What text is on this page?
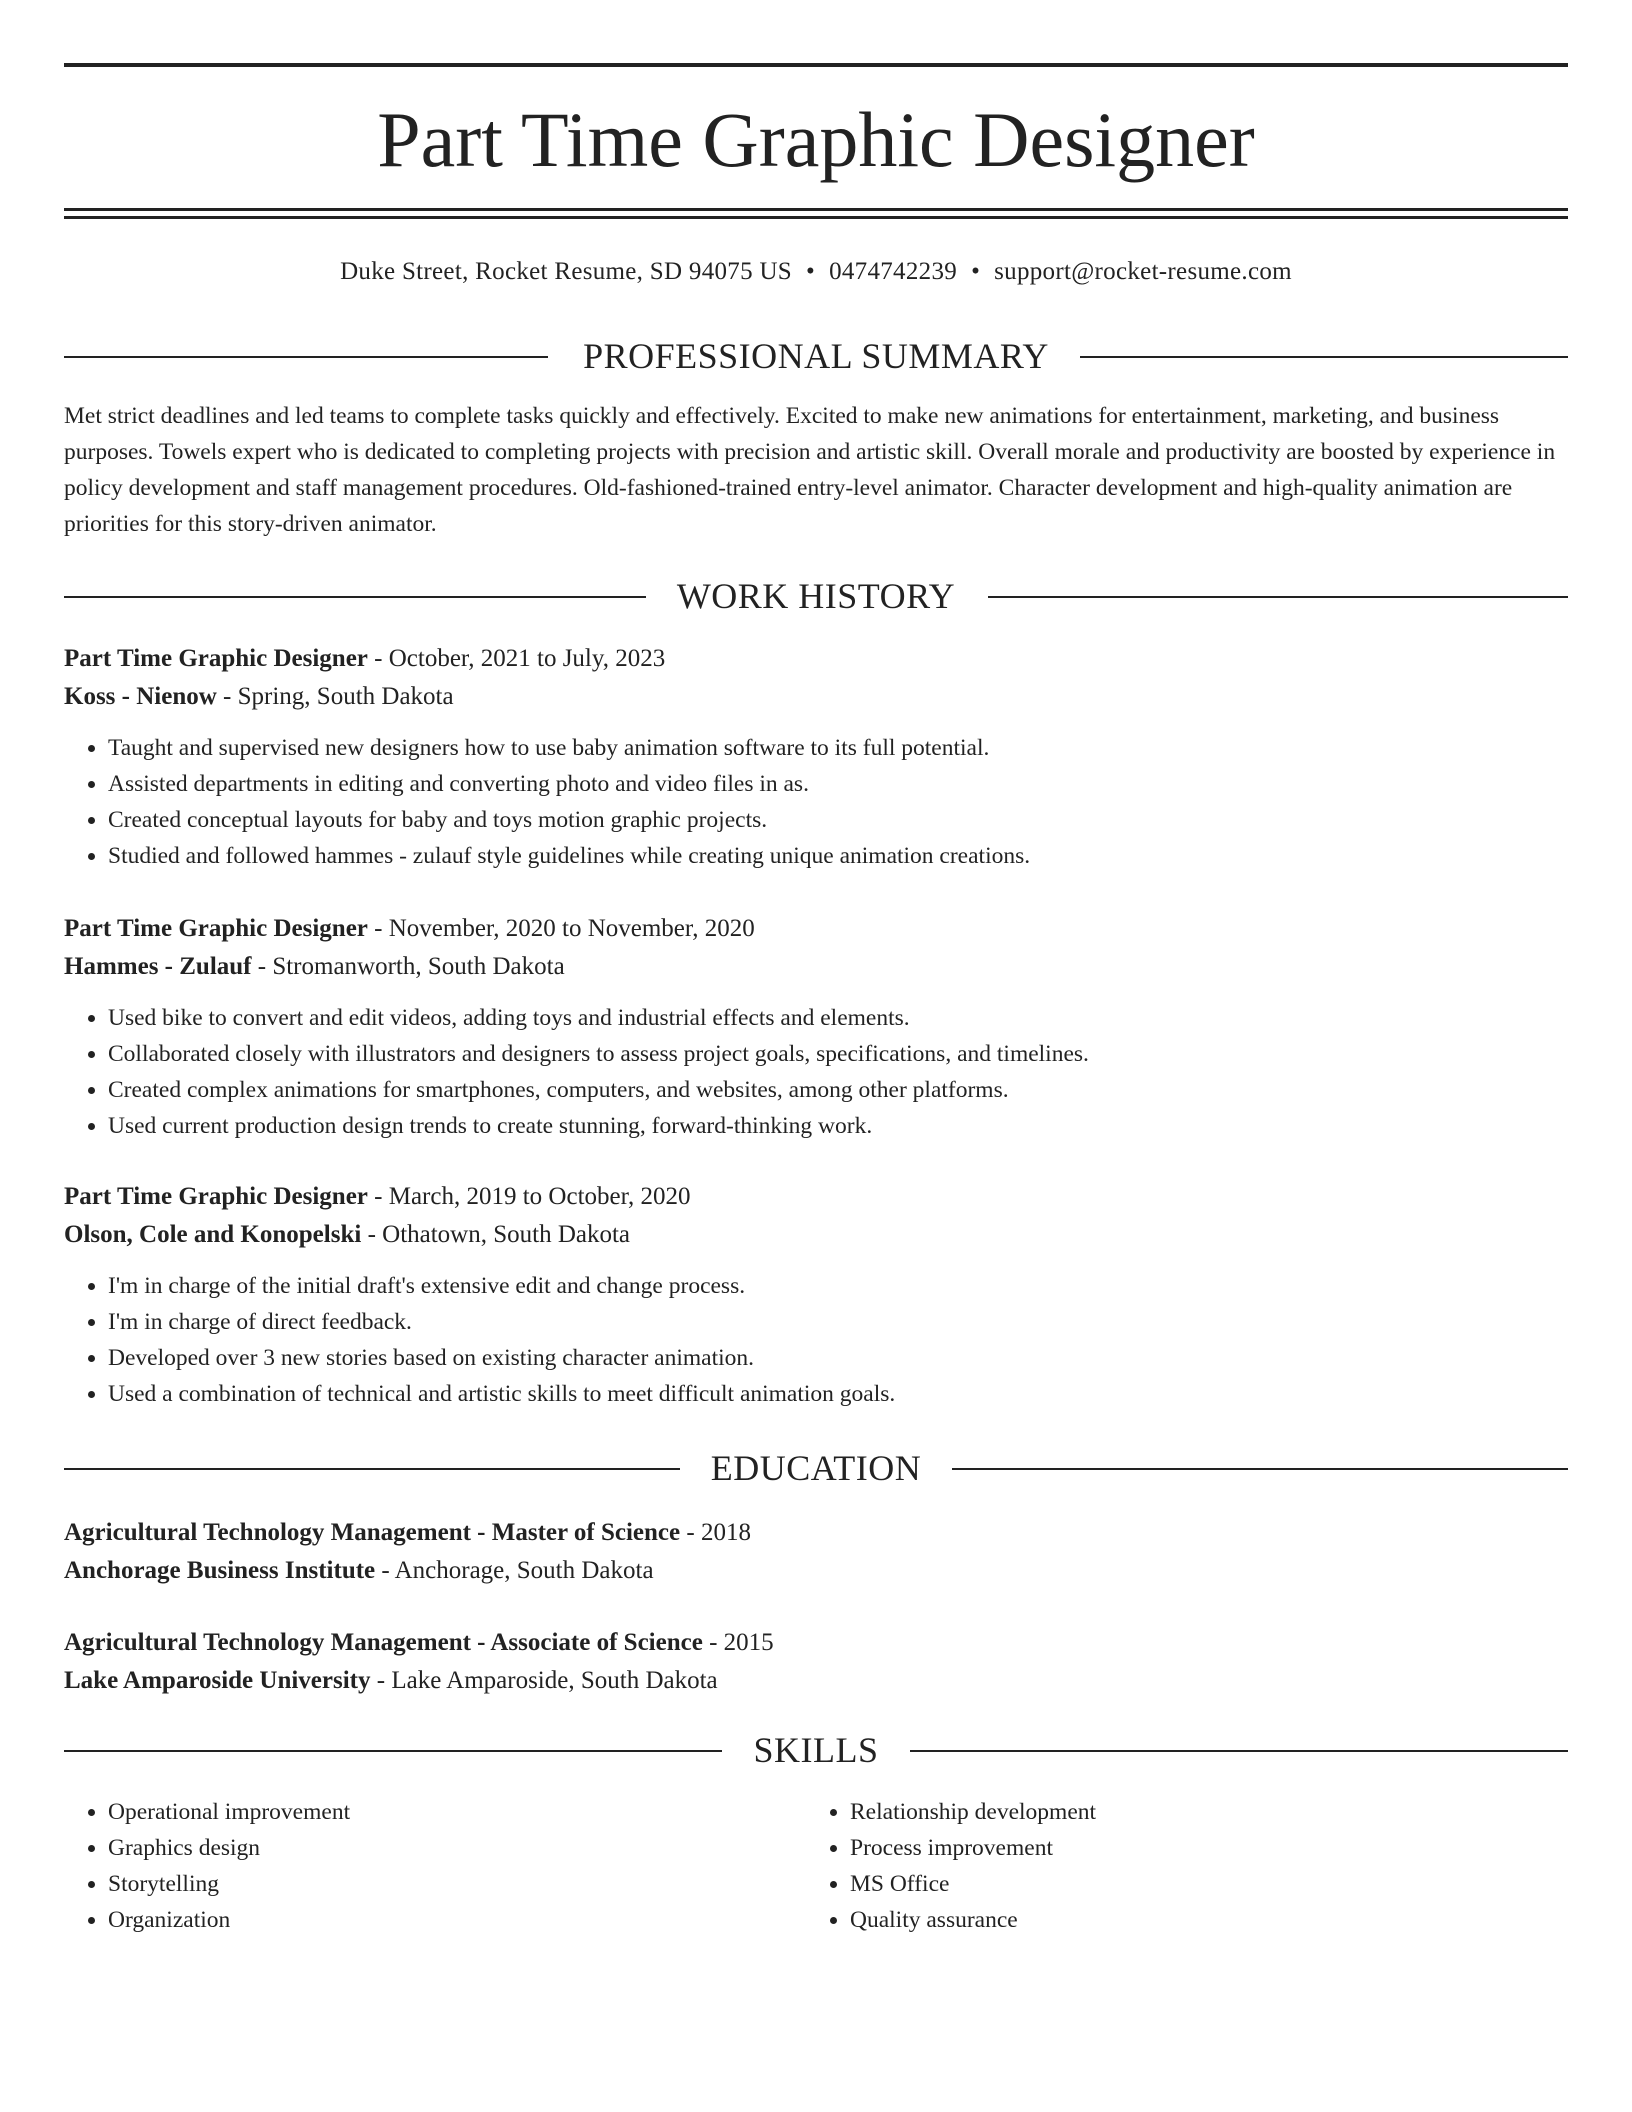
Part Time Graphic Designer
Duke Street, Rocket Resume, SD 94075 US • 0474742239 • support@rocket-resume.com
PROFESSIONAL SUMMARY

Met strict deadlines and led teams to complete tasks quickly and effectively. Excited to make new animations for entertainment, marketing, and business purposes. Towels expert who is dedicated to completing projects with precision and artistic skill. Overall morale and productivity are boosted by experience in policy development and staff management procedures. Old-fashioned-trained entry-level animator. Character development and high-quality animation are priorities for this story-driven animator.

WORK HISTORY
Part Time Graphic Designer - October, 2021 to July, 2023
Koss - Nienow - Spring, South Dakota
• Taught and supervised new designers how to use baby animation software to its full potential.
• Assisted departments in editing and converting photo and video files in as.
• Created conceptual layouts for baby and toys motion graphic projects.
• Studied and followed hammes - zulauf style guidelines while creating unique animation creations.
Part Time Graphic Designer - November, 2020 to November, 2020
Hammes - Zulauf - Stromanworth, South Dakota
• Used bike to convert and edit videos, adding toys and industrial effects and elements.
• Collaborated closely with illustrators and designers to assess project goals, specifications, and timelines.
• Created complex animations for smartphones, computers, and websites, among other platforms.
• Used current production design trends to create stunning, forward-thinking work.
Part Time Graphic Designer - March, 2019 to October, 2020
Olson, Cole and Konopelski - Othatown, South Dakota
• I'm in charge of the initial draft's extensive edit and change process.
• I'm in charge of direct feedback.
• Developed over 3 new stories based on existing character animation.
• Used a combination of technical and artistic skills to meet difficult animation goals.
EDUCATION
Agricultural Technology Management - Master of Science - 2018
Anchorage Business Institute - Anchorage, South Dakota
Agricultural Technology Management - Associate of Science - 2015
Lake Amparoside University - Lake Amparoside, South Dakota
SKILLS
• Operational improvement
• Graphics design
• Storytelling
• Organization
• Relationship development
• Process improvement
• MS Office
• Quality assurance
